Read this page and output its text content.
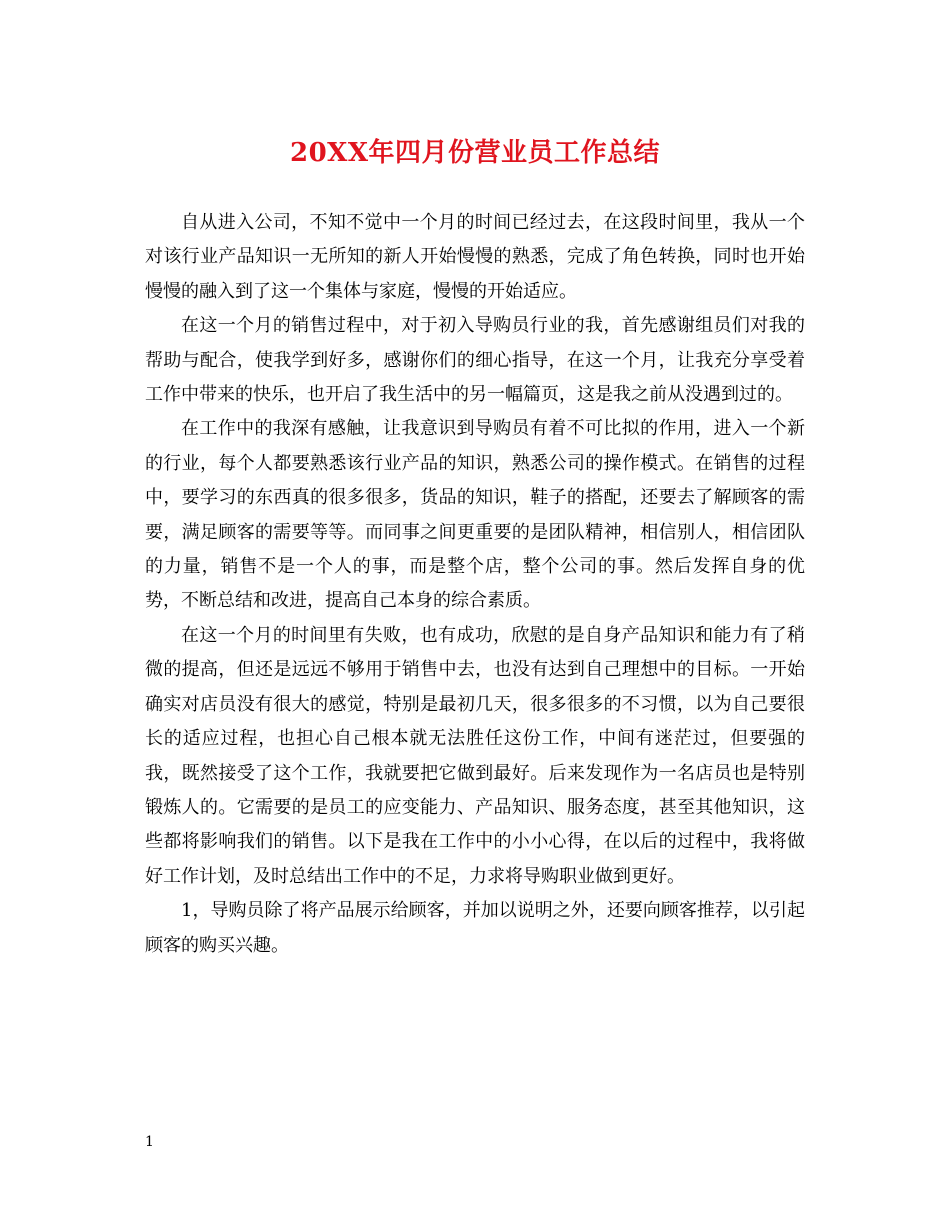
20XX年四月份营业员工作总结

自从进入公司，不知不觉中一个月的时间已经过去，在这段时间里，我从一个对该行业产品知识一无所知的新人开始慢慢的熟悉，完成了角色转换，同时也开始慢慢的融入到了这一个集体与家庭，慢慢的开始适应。

在这一个月的销售过程中，对于初入导购员行业的我，首先感谢组员们对我的帮助与配合，使我学到好多，感谢你们的细心指导，在这一个月，让我充分享受着工作中带来的快乐，也开启了我生活中的另一幅篇页，这是我之前从没遇到过的。

在工作中的我深有感触，让我意识到导购员有着不可比拟的作用，进入一个新的行业，每个人都要熟悉该行业产品的知识，熟悉公司的操作模式。在销售的过程中，要学习的东西真的很多很多，货品的知识，鞋子的搭配，还要去了解顾客的需要，满足顾客的需要等等。而同事之间更重要的是团队精神，相信别人，相信团队的力量，销售不是一个人的事，而是整个店，整个公司的事。然后发挥自身的优势，不断总结和改进，提高自己本身的综合素质。

在这一个月的时间里有失败，也有成功，欣慰的是自身产品知识和能力有了稍微的提高，但还是远远不够用于销售中去，也没有达到自己理想中的目标。一开始确实对店员没有很大的感觉，特别是最初几天，很多很多的不习惯，以为自己要很长的适应过程，也担心自己根本就无法胜任这份工作，中间有迷茫过，但要强的我，既然接受了这个工作，我就要把它做到最好。后来发现作为一名店员也是特别锻炼人的。它需要的是员工的应变能力、产品知识、服务态度，甚至其他知识，这些都将影响我们的销售。以下是我在工作中的小小心得，在以后的过程中，我将做好工作计划，及时总结出工作中的不足，力求将导购职业做到更好。

1，导购员除了将产品展示给顾客，并加以说明之外，还要向顾客推荐，以引起顾客的购买兴趣。

1
